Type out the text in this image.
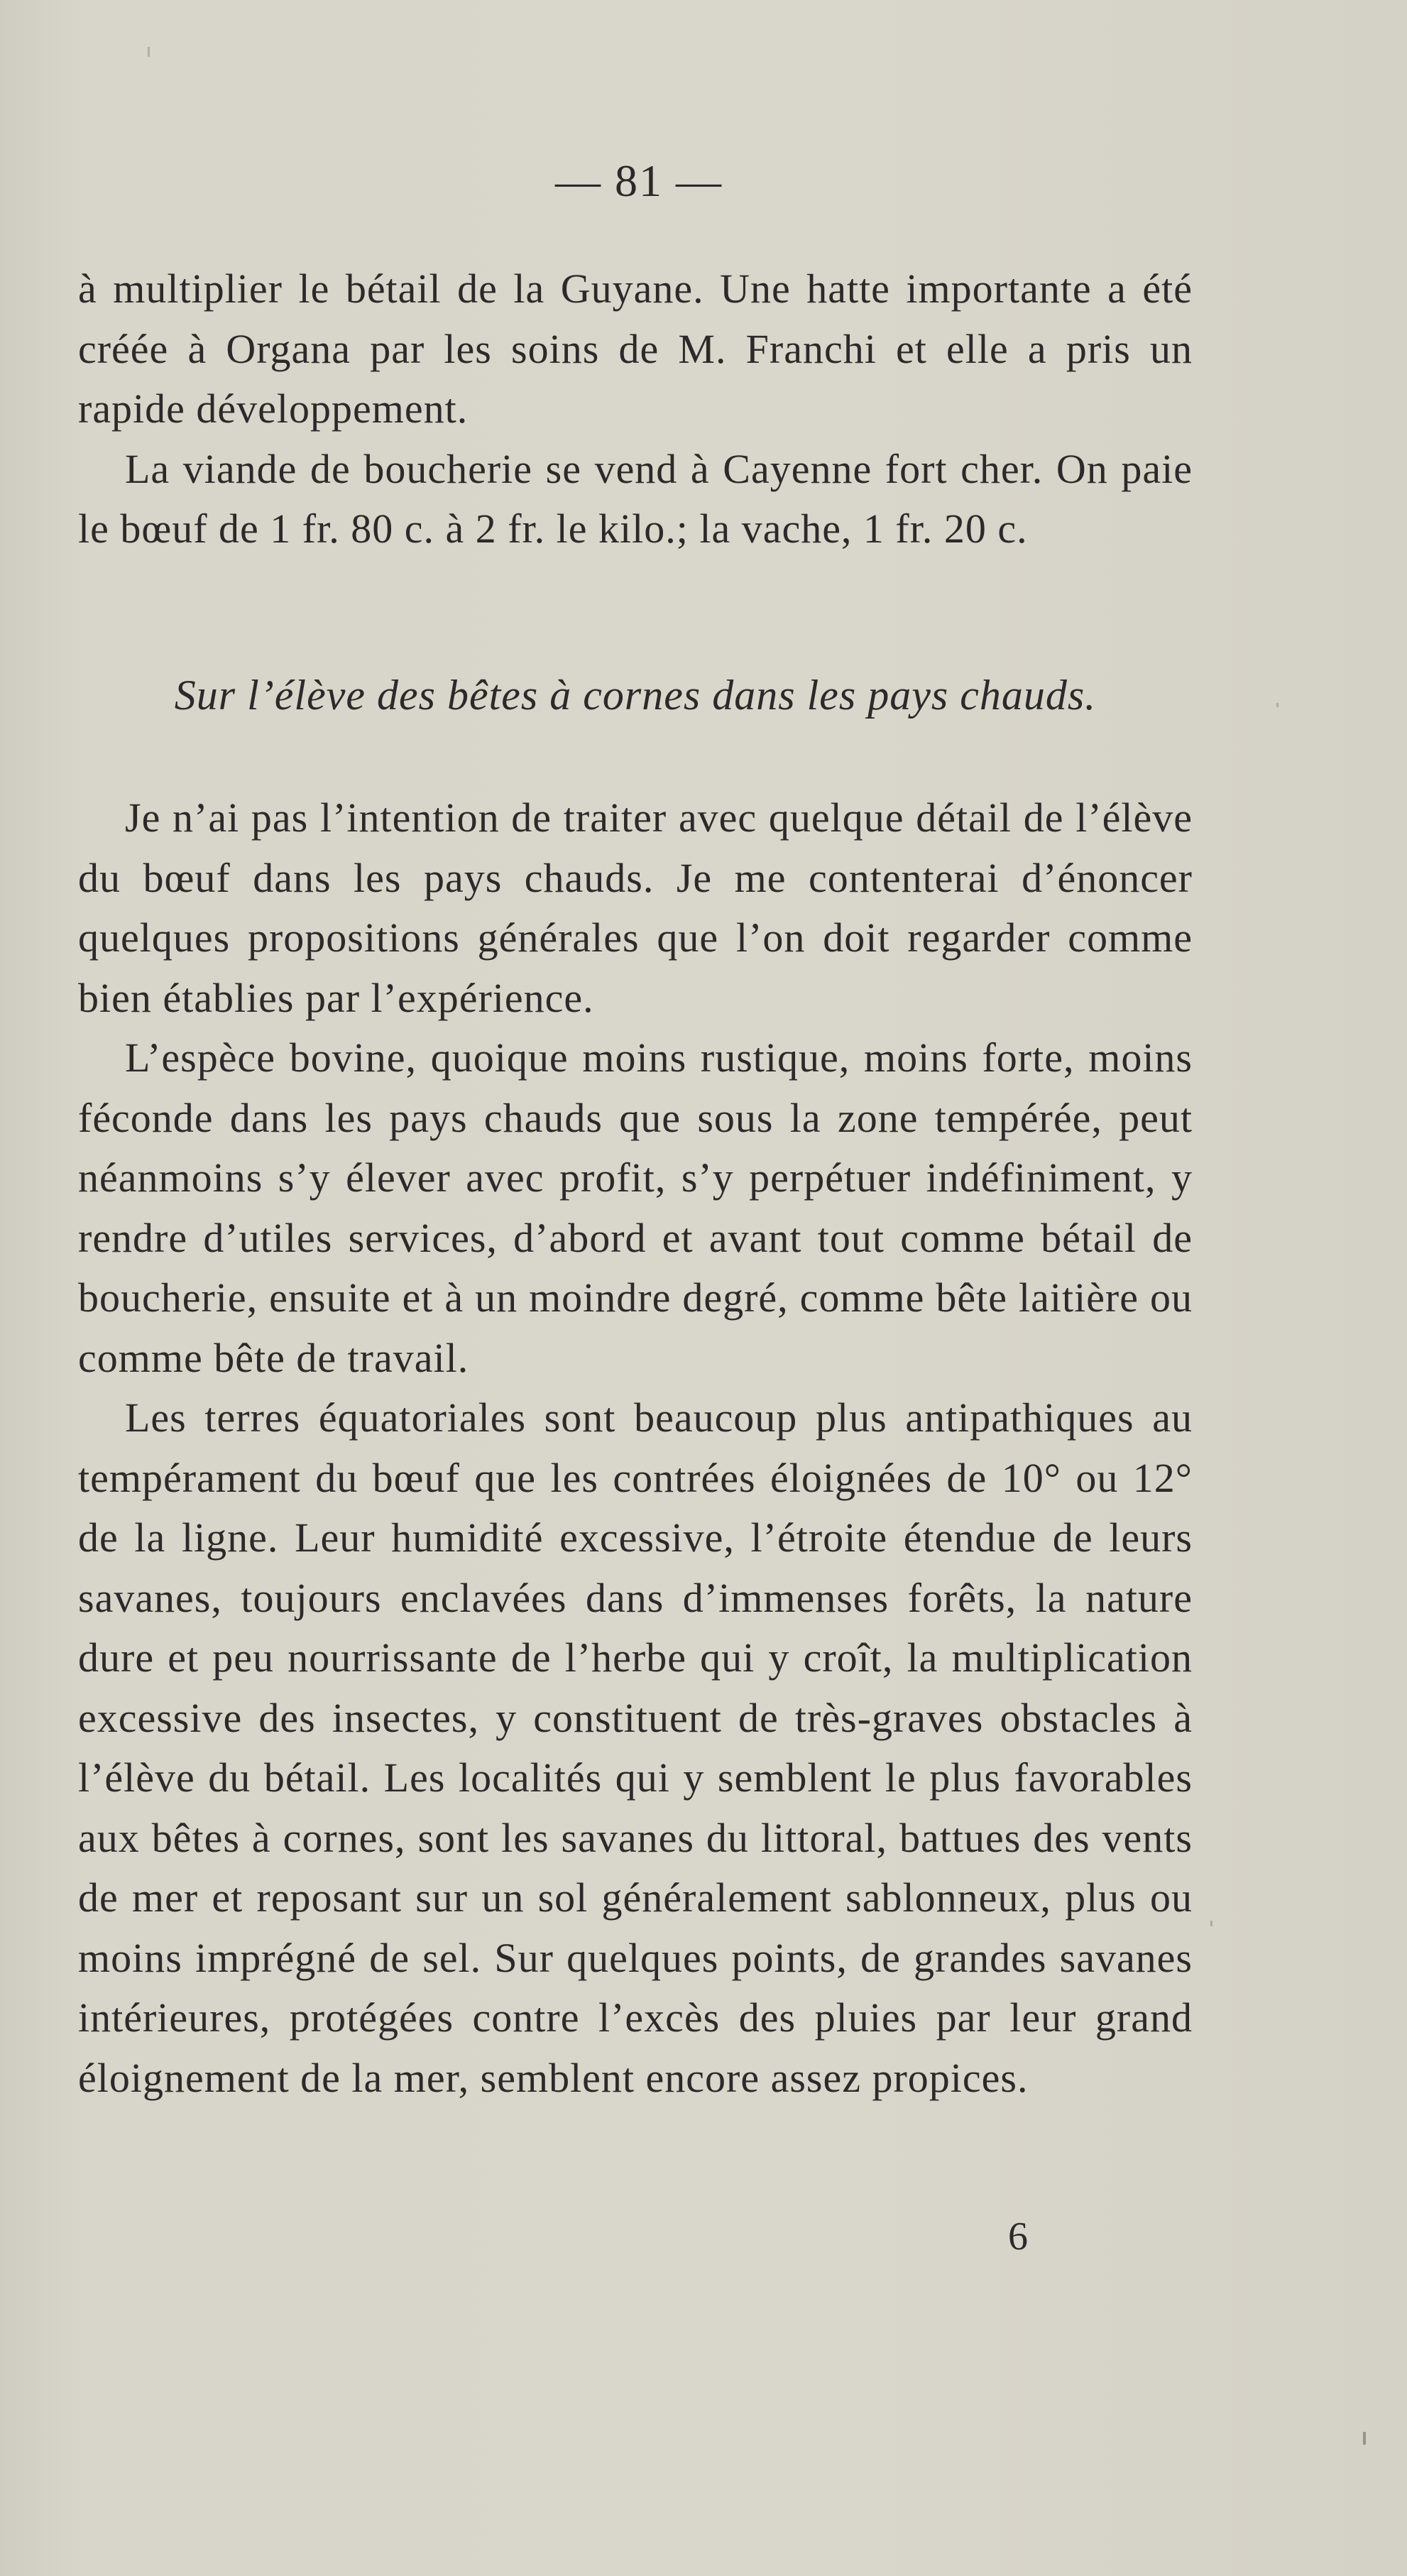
— 81 —

à multiplier le bétail de la Guyane. Une hatte importante a été créée à Organa par les soins de M. Franchi et elle a pris un rapide développement.

La viande de boucherie se vend à Cayenne fort cher. On paie le bœuf de 1 fr. 80 c. à 2 fr. le kilo.; la vache, 1 fr. 20 c.

Sur l’élève des bêtes à cornes dans les pays chauds.

Je n’ai pas l’intention de traiter avec quelque détail de l’élève du bœuf dans les pays chauds. Je me contenterai d’énoncer quelques propositions générales que l’on doit regarder comme bien établies par l’expérience.

L’espèce bovine, quoique moins rustique, moins forte, moins féconde dans les pays chauds que sous la zone tempérée, peut néanmoins s’y élever avec profit, s’y perpétuer indéfiniment, y rendre d’utiles services, d’abord et avant tout comme bétail de boucherie, ensuite et à un moindre degré, comme bête laitière ou comme bête de travail.

Les terres équatoriales sont beaucoup plus antipathiques au tempérament du bœuf que les contrées éloignées de 10° ou 12° de la ligne. Leur humidité excessive, l’étroite étendue de leurs savanes, toujours enclavées dans d’immenses forêts, la nature dure et peu nourrissante de l’herbe qui y croît, la multiplication excessive des insectes, y constituent de très-graves obstacles à l’élève du bétail. Les localités qui y semblent le plus favorables aux bêtes à cornes, sont les savanes du littoral, battues des vents de mer et reposant sur un sol généralement sablonneux, plus ou moins imprégné de sel. Sur quelques points, de grandes savanes intérieures, protégées contre l’excès des pluies par leur grand éloignement de la mer, semblent encore assez propices.

6
